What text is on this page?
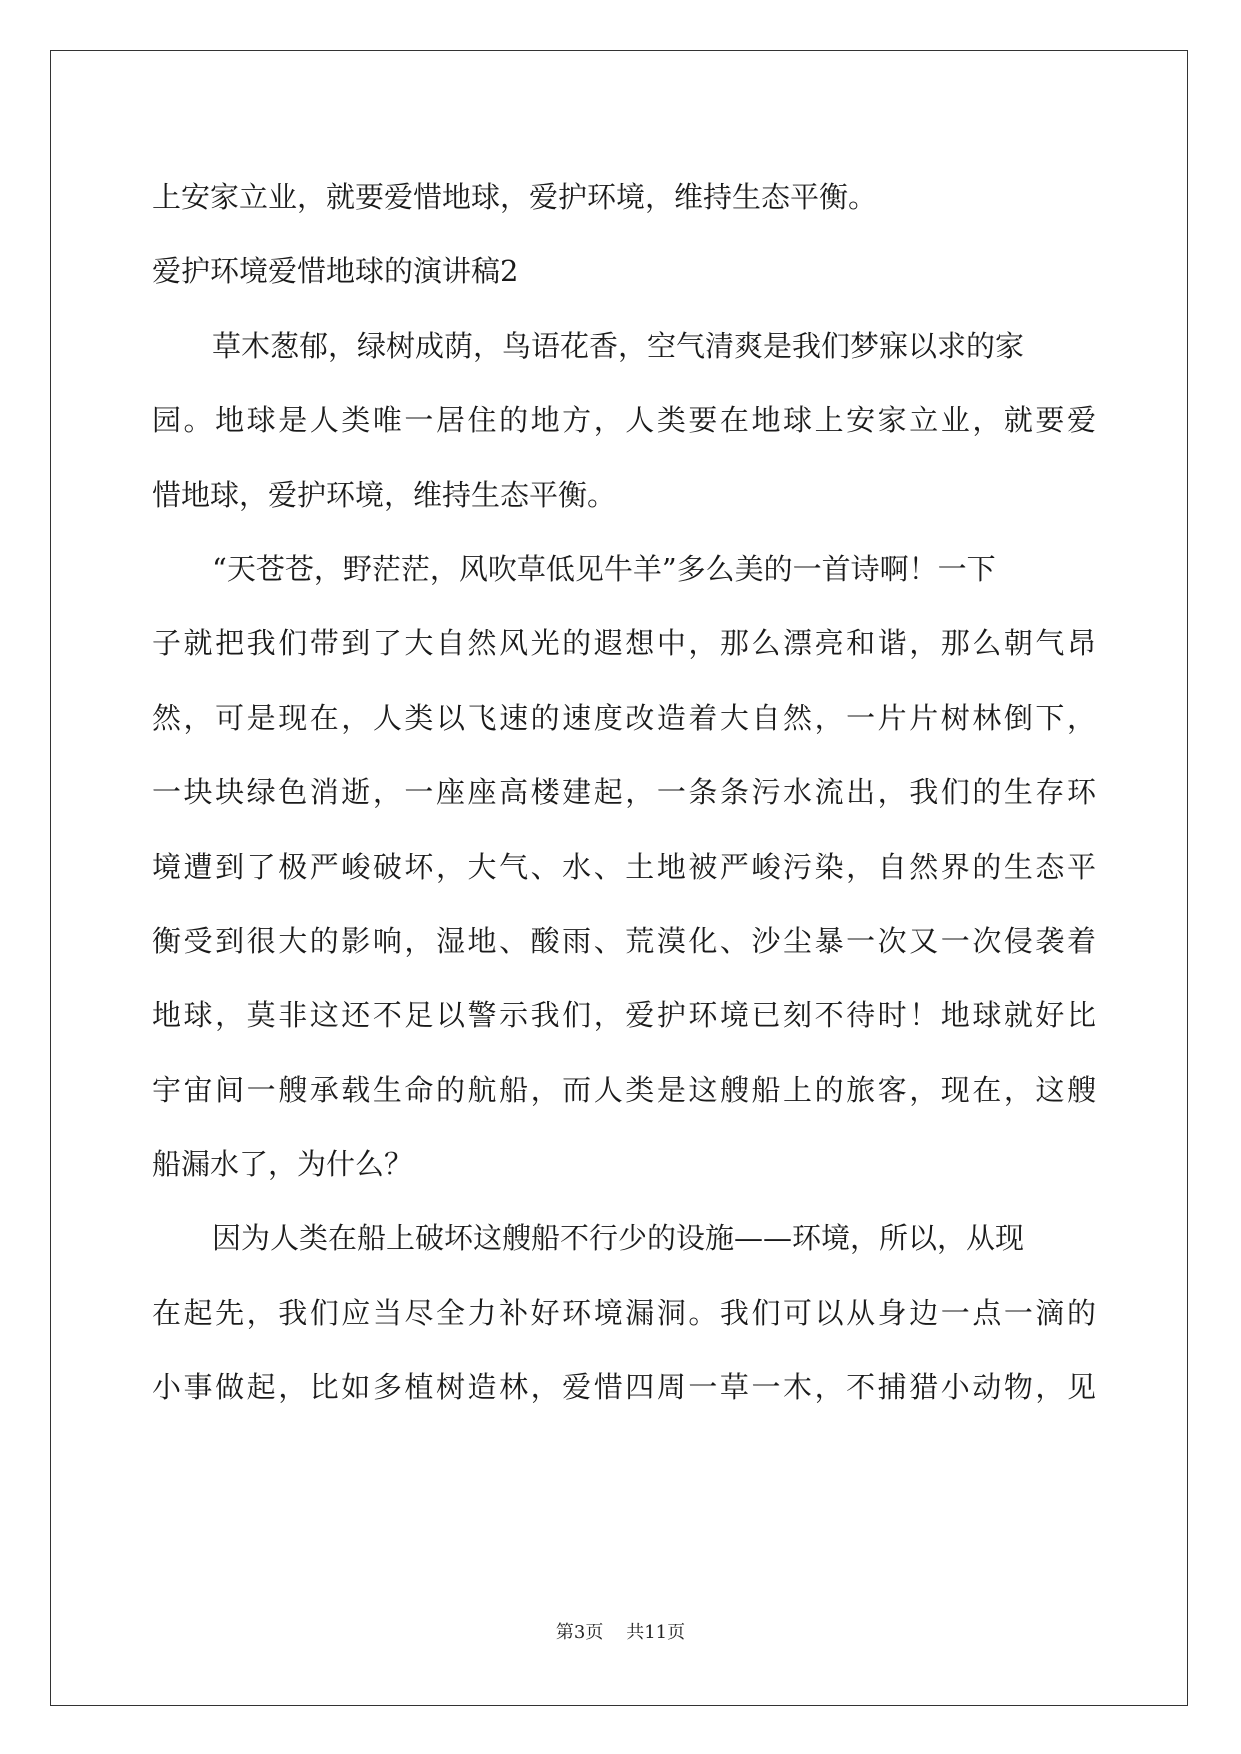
上安家立业，就要爱惜地球，爱护环境，维持生态平衡。
爱护环境爱惜地球的演讲稿2
草木葱郁，绿树成荫，鸟语花香，空气清爽是我们梦寐以求的家
园。地球是人类唯一居住的地方，人类要在地球上安家立业，就要爱
惜地球，爱护环境，维持生态平衡。
“天苍苍，野茫茫，风吹草低见牛羊”多么美的一首诗啊！一下
子就把我们带到了大自然风光的遐想中，那么漂亮和谐，那么朝气昂
然，可是现在，人类以飞速的速度改造着大自然，一片片树林倒下，
一块块绿色消逝，一座座高楼建起，一条条污水流出，我们的生存环
境遭到了极严峻破坏，大气、水、土地被严峻污染，自然界的生态平
衡受到很大的影响，湿地、酸雨、荒漠化、沙尘暴一次又一次侵袭着
地球，莫非这还不足以警示我们，爱护环境已刻不待时！地球就好比
宇宙间一艘承载生命的航船，而人类是这艘船上的旅客，现在，这艘
船漏水了，为什么？
因为人类在船上破坏这艘船不行少的设施——环境，所以，从现
在起先，我们应当尽全力补好环境漏洞。我们可以从身边一点一滴的
小事做起，比如多植树造林，爱惜四周一草一木，不捕猎小动物，见
第3页 共11页
